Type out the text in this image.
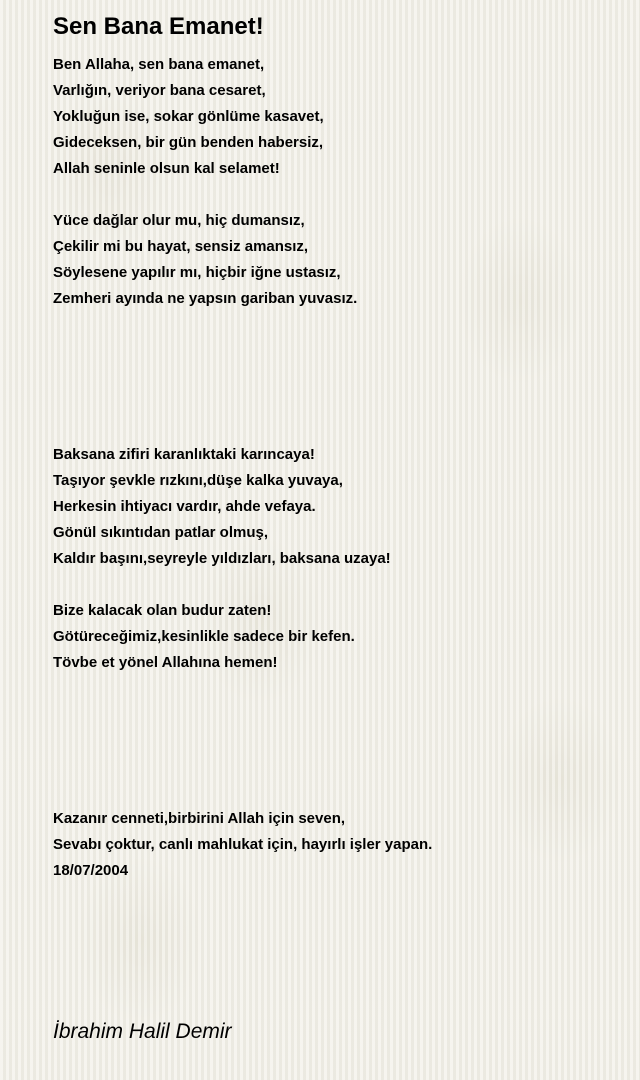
Sen Bana Emanet!
Ben Allaha, sen bana emanet,
Varlığın, veriyor bana cesaret,
Yokluğun ise, sokar gönlüme kasavet,
Gideceksen, bir gün benden habersiz,
Allah seninle olsun kal selamet!
Yüce dağlar olur mu, hiç dumansız,
Çekilir mi bu hayat, sensiz amansız,
Söylesene yapılır mı, hiçbir iğne ustasız,
Zemheri ayında ne yapsın gariban yuvasız.
Baksana zifiri karanlıktaki karıncaya!
Taşıyor şevkle rızkını,düşe kalka yuvaya,
Herkesin ihtiyacı vardır, ahde vefaya.
Gönül sıkıntıdan patlar olmuş,
Kaldır başını,seyreyle yıldızları, baksana uzaya!
Bize kalacak olan budur zaten!
Götüreceğimiz,kesinlikle sadece bir kefen.
Tövbe et yönel Allahına hemen!
Kazanır cenneti,birbirini Allah için seven,
Sevabı çoktur, canlı mahlukat için, hayırlı işler yapan.
18/07/2004
İbrahim Halil Demir
